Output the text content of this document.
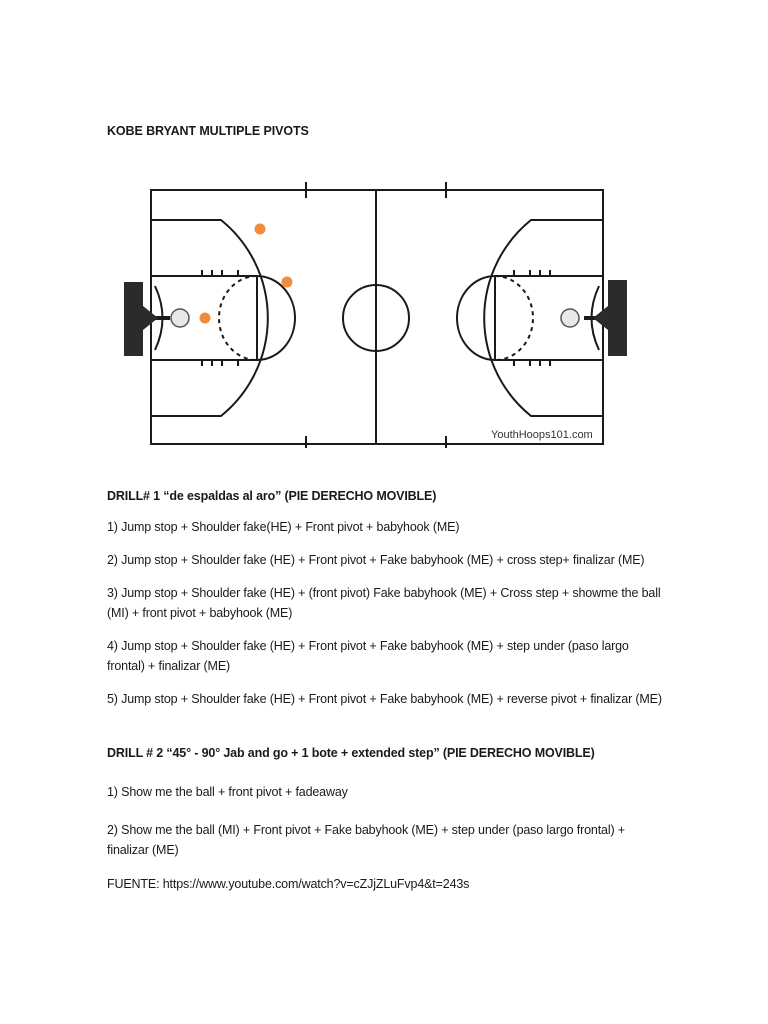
KOBE BRYANT MULTIPLE PIVOTS
YouthHoops101.com
DRILL# 1 “de espaldas al aro” (PIE DERECHO MOVIBLE)
1) Jump stop + Shoulder fake(HE) + Front pivot + babyhook (ME)
2) Jump stop + Shoulder fake (HE) + Front pivot + Fake babyhook (ME) + cross step+ finalizar (ME)
3) Jump stop + Shoulder fake (HE) + (front pivot) Fake babyhook (ME) + Cross step + showme the ball (MI) + front pivot + babyhook (ME)
4) Jump stop + Shoulder fake (HE) + Front pivot + Fake babyhook (ME) + step under (paso largo frontal) + finalizar (ME)
5) Jump stop + Shoulder fake (HE) + Front pivot + Fake babyhook (ME) + reverse pivot + finalizar (ME)
DRILL # 2 “45° - 90° Jab and go + 1 bote + extended step” (PIE DERECHO MOVIBLE)
1) Show me the ball + front pivot + fadeaway
2) Show me the ball (MI) + Front pivot + Fake babyhook (ME) + step under (paso largo frontal) + finalizar (ME)
FUENTE: https://www.youtube.com/watch?v=cZJjZLuFvp4&t=243s
